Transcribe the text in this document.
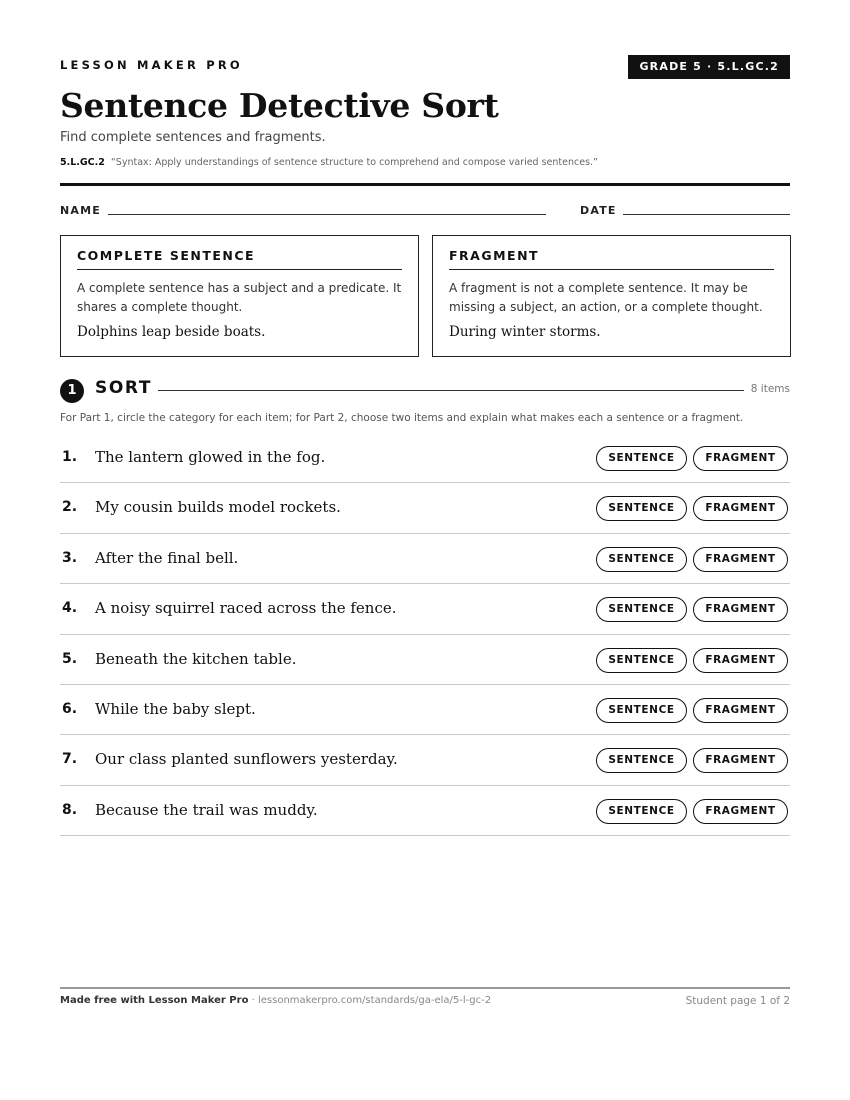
LESSON MAKER PRO	GRADE 5 · 5.L.GC.2
Sentence Detective Sort
Find complete sentences and fragments.
5.L.GC.2 “Syntax: Apply understandings of sentence structure to comprehend and compose varied sentences.”
NAME	DATE
COMPLETE SENTENCE
A complete sentence has a subject and a predicate. It shares a complete thought.
Dolphins leap beside boats.
FRAGMENT
A fragment is not a complete sentence. It may be missing a subject, an action, or a complete thought.
During winter storms.
1	SORT	8 items
For Part 1, circle the category for each item; for Part 2, choose two items and explain what makes each a sentence or a fragment.
1. The lantern glowed in the fog.	SENTENCE	FRAGMENT
2. My cousin builds model rockets.	SENTENCE	FRAGMENT
3. After the final bell.	SENTENCE	FRAGMENT
4. A noisy squirrel raced across the fence.	SENTENCE	FRAGMENT
5. Beneath the kitchen table.	SENTENCE	FRAGMENT
6. While the baby slept.	SENTENCE	FRAGMENT
7. Our class planted sunflowers yesterday.	SENTENCE	FRAGMENT
8. Because the trail was muddy.	SENTENCE	FRAGMENT
Made free with Lesson Maker Pro · lessonmakerpro.com/standards/ga-ela/5-l-gc-2	Student page 1 of 2
